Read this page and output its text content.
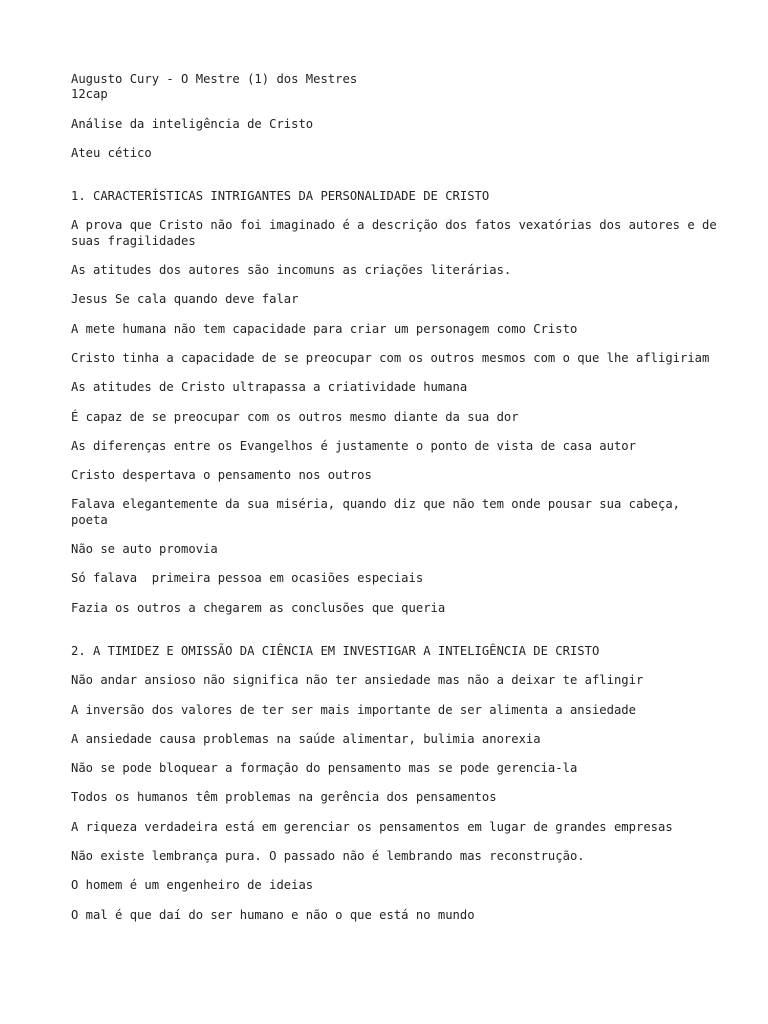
Augusto Cury - O Mestre (1) dos Mestres

12cap

Análise da inteligência de Cristo

Ateu cético

1. CARACTERÍSTICAS INTRIGANTES DA PERSONALIDADE DE CRISTO

A prova que Cristo não foi imaginado é a descrição dos fatos vexatórias dos autores e de suas fragilidades

As atitudes dos autores são incomuns as criações literárias.

Jesus Se cala quando deve falar

A mete humana não tem capacidade para criar um personagem como Cristo

Cristo tinha a capacidade de se preocupar com os outros mesmos com o que lhe afligiriam

As atitudes de Cristo ultrapassa a criatividade humana

É capaz de se preocupar com os outros mesmo diante da sua dor

As diferenças entre os Evangelhos é justamente o ponto de vista de casa autor

Cristo despertava o pensamento nos outros

Falava elegantemente da sua miséria, quando diz que não tem onde pousar sua cabeça, poeta

Não se auto promovia

Só falava  primeira pessoa em ocasiões especiais

Fazia os outros a chegarem as conclusões que queria

2. A TIMIDEZ E OMISSÃO DA CIÊNCIA EM INVESTIGAR A INTELIGÊNCIA DE CRISTO

Não andar ansioso não significa não ter ansiedade mas não a deixar te aflingir

A inversão dos valores de ter ser mais importante de ser alimenta a ansiedade

A ansiedade causa problemas na saúde alimentar, bulimia anorexia

Não se pode bloquear a formação do pensamento mas se pode gerencia-la

Todos os humanos têm problemas na gerência dos pensamentos

A riqueza verdadeira está em gerenciar os pensamentos em lugar de grandes empresas

Não existe lembrança pura. O passado não é lembrando mas reconstrução.

O homem é um engenheiro de ideias

O mal é que daí do ser humano e não o que está no mundo
